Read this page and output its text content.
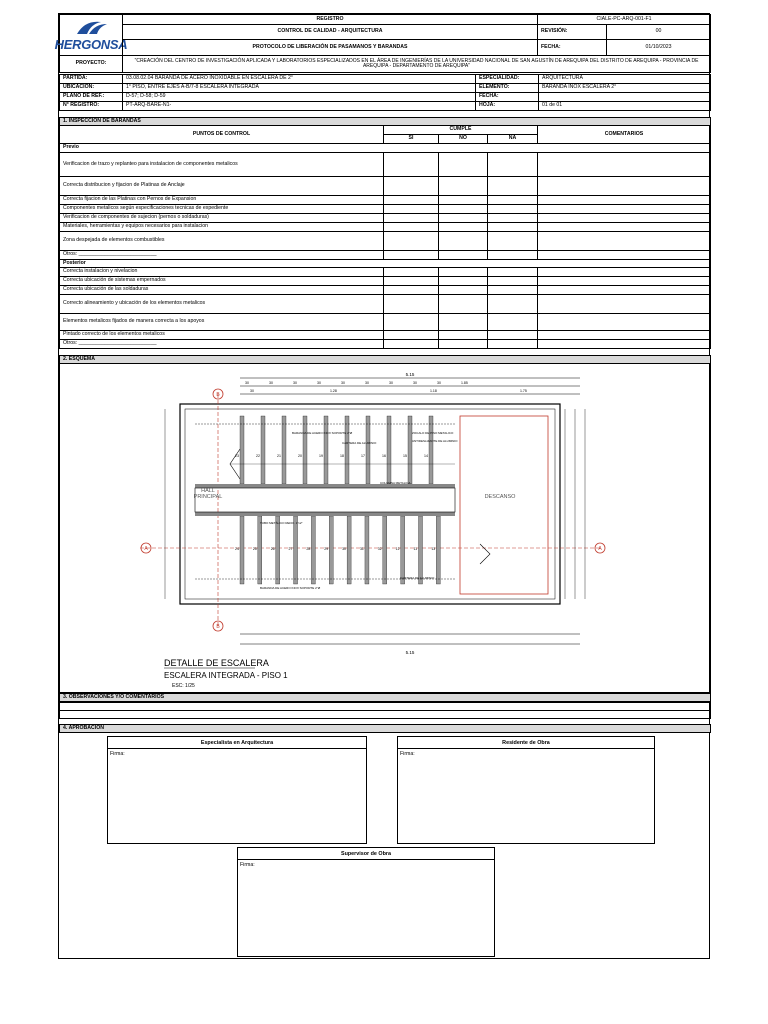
HERGONSA
REGISTRO	CIALE-PC-ARQ-001-F1
CONTROL DE CALIDAD - ARQUITECTURA	REVISIÓN:	00
PROTOCOLO DE LIBERACIÓN DE PASAMANOS Y BARANDAS	FECHA:	01/10/2023
PROYECTO:	"CREACIÓN DEL CENTRO DE INVESTIGACIÓN APLICADA Y LABORATORIOS ESPECIALIZADOS EN EL ÁREA DE INGENIERÍAS DE LA UNIVERSIDAD NACIONAL DE SAN AGUSTÍN DE AREQUIPA DEL DISTRITO DE AREQUIPA - PROVINCIA DE AREQUIPA - DEPARTAMENTO DE AREQUIPA"
PARTIDA:	03.08.02.04 BARANDA DE ACERO INOXIDABLE EN ESCALERA DE 2°	ESPECIALIDAD:	ARQUITECTURA
UBICACIÓN:	1° PISO, ENTRE EJES A-B/7-8 ESCALERA INTEGRADA	ELEMENTO:	BARANDA INOX ESCALERA 2°
PLANO DE REF.:	D-57; D-58; D-59	FECHA:
N° REGISTRO:	PT-ARQ-BARE-N1-	HOJA:	01 de 01
1. INSPECCIÓN DE BARANDAS
PUNTOS DE CONTROL
CUMPLE
SI	NO	NA
COMENTARIOS
Previo
Verificacion de trazo y replanteo para instalacion de componentes metalicos
Correcta distribucion y fijacion de Platinas de Anclaje
Correcta fijacion de las Platinas con Pernos de Expansion
Componentes metalicos según especificaciones tecnicas de expediente
Verificacion de componentes de sujecion (pernos o soldaduras)
Materiales, herramientas y equipos necesarios para instalacion
Zona despejada de elementos combustibles
Otros: ___________________________
Posterior
Correcta instalacion y nivelacion
Correcta ubicación de sistemas empernados
Correcta ubicación de las soldaduras
Correcto alineamiento y ubicación de los elementos metalicos
Elementos metalicos fijados de manera correcta a los apoyos
Pintado correcto de los elementos metalicos
Otros: ___________________________
2. ESQUEMA
30	30	30	30	30	30	30	30	30	1.85
30	1.28	1.18	1.75
5.15
23	22	21	20	19	18	17	16	15	14
24	25	26	27	28	29	30	31	32	12	11	13
B
B
A	A
HALL
PRINCIPAL	DESCANSO
BARANDA DE ACERO INOX SOPORTE 2"Ø
CARTERA DE ALUMINIO
ZOCALO DE PISO METALICO
ANTIDESLIZANTE DE ALUMINIO
COLUMNA METALICA
TUBO METÁLICO REDO. 1"x2"
BARANDA DE ACERO INOX SOPORTE 2"Ø
CARTERA DE ALUMINIO
5.15
DETALLE DE ESCALERA
ESCALERA INTEGRADA - PISO 1
ESC: 1/25
3. OBSERVACIONES Y/O COMENTARIOS
4. APROBACIÓN
Especialista en Arquitectura
Firma:
Residente de Obra
Firma:
Supervisor de Obra
Firma:
